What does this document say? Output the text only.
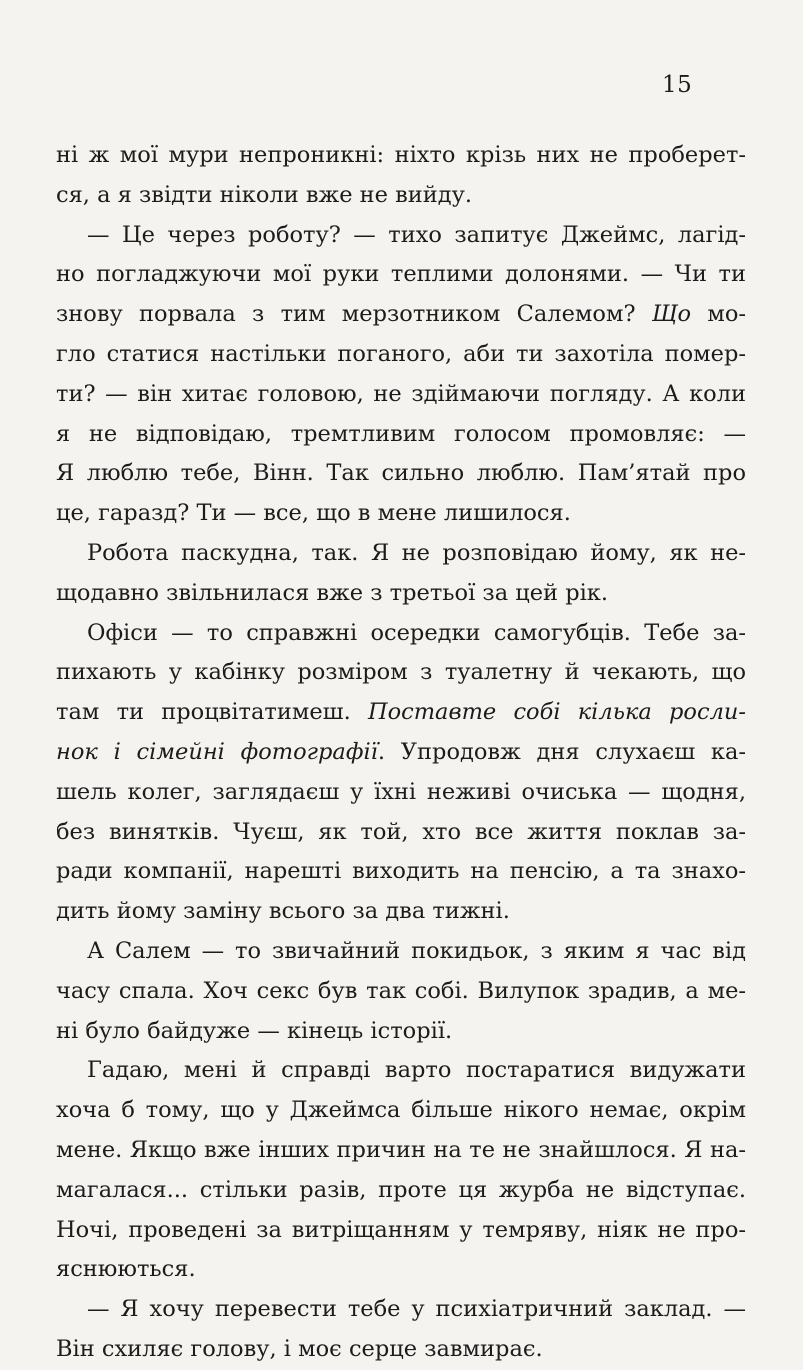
15
ні ж мої мури непроникні: ніхто крізь них не проберет-
ся, а я звідти ніколи вже не вийду.
— Це через роботу? — тихо запитує Джеймс, лагід-
но погладжуючи мої руки теплими долонями. — Чи ти
знову порвала з тим мерзотником Салемом? Що мо-
гло статися настільки поганого, аби ти захотіла помер-
ти? — він хитає головою, не здіймаючи погляду. А коли
я не відповідаю, тремтливим голосом промовляє: —
Я люблю тебе, Вінн. Так сильно люблю. Пам’ятай про
це, гаразд? Ти — все, що в мене лишилося.
Робота паскудна, так. Я не розповідаю йому, як не-
щодавно звільнилася вже з третьої за цей рік.
Офіси — то справжні осередки самогубців. Тебе за-
пихають у кабінку розміром з туалетну й чекають, що
там ти процвітатимеш. Поставте собі кілька росли-
нок і сімейні фотографії. Упродовж дня слухаєш ка-
шель колег, заглядаєш у їхні неживі очиська — щодня,
без винятків. Чуєш, як той, хто все життя поклав за-
ради компанії, нарешті виходить на пенсію, а та знахо-
дить йому заміну всього за два тижні.
А Салем — то звичайний покидьок, з яким я час від
часу спала. Хоч секс був так собі. Вилупок зрадив, а ме-
ні було байдуже — кінець історії.
Гадаю, мені й справді варто постаратися видужати
хоча б тому, що у Джеймса більше нікого немає, окрім
мене. Якщо вже інших причин на те не знайшлося. Я на-
магалася... стільки разів, проте ця журба не відступає.
Ночі, проведені за витріщанням у темряву, ніяк не про-
яснюються.
— Я хочу перевести тебе у психіатричний заклад. —
Він схиляє голову, і моє серце завмирає.
